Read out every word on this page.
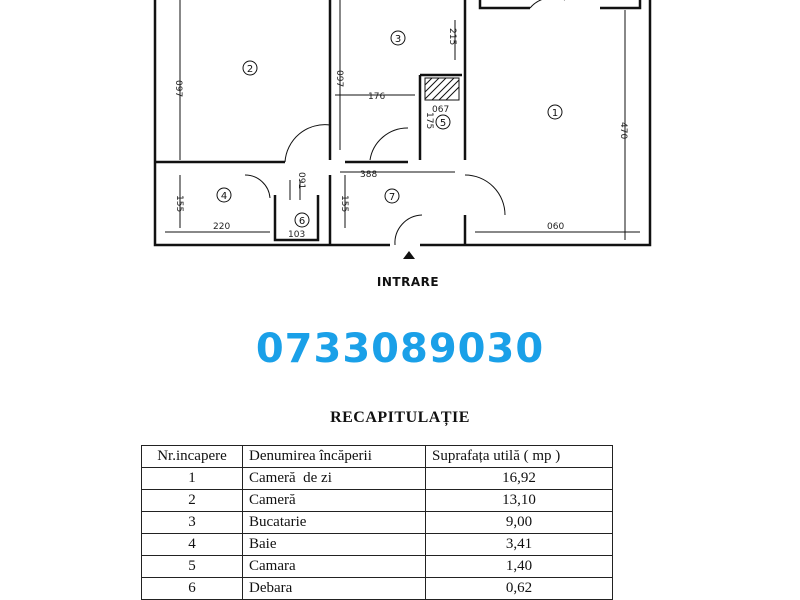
1
2
3
4
5
6
7
097
097
176
470
155	155
220
388
060
067
175
215
103
091
INTRARE
0733089030
RECAPITULAȚIE
Nr.incapere	Denumirea încăperii	Suprafața utilă ( mp )
1	Cameră  de zi	16,92
2	Cameră	13,10
3	Bucatarie	9,00
4	Baie	3,41
5	Camara	1,40
6	Debara	0,62
